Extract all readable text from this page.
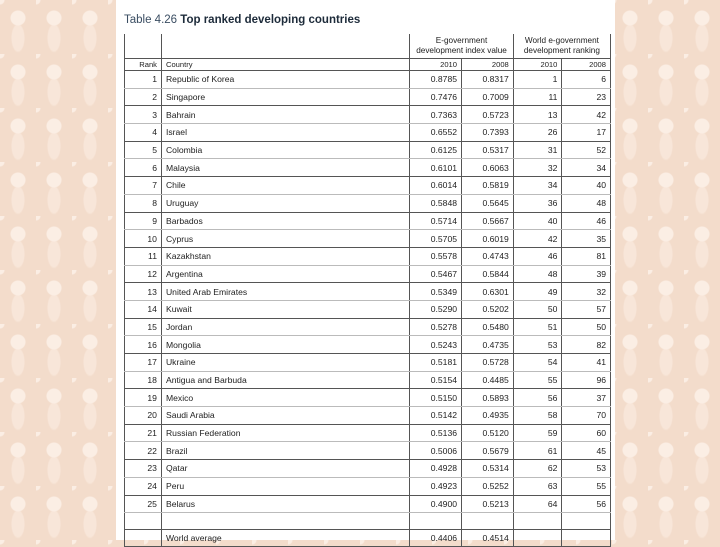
Table 4.26 Top ranked developing countries
		E-government development index value		World e-government development ranking	
Rank	Country	2010	2008	2010	2008
1	Republic of Korea	0.8785	0.8317	1	6
2	Singapore	0.7476	0.7009	11	23
3	Bahrain	0.7363	0.5723	13	42
4	Israel	0.6552	0.7393	26	17
5	Colombia	0.6125	0.5317	31	52
6	Malaysia	0.6101	0.6063	32	34
7	Chile	0.6014	0.5819	34	40
8	Uruguay	0.5848	0.5645	36	48
9	Barbados	0.5714	0.5667	40	46
10	Cyprus	0.5705	0.6019	42	35
11	Kazakhstan	0.5578	0.4743	46	81
12	Argentina	0.5467	0.5844	48	39
13	United Arab Emirates	0.5349	0.6301	49	32
14	Kuwait	0.5290	0.5202	50	57
15	Jordan	0.5278	0.5480	51	50
16	Mongolia	0.5243	0.4735	53	82
17	Ukraine	0.5181	0.5728	54	41
18	Antigua and Barbuda	0.5154	0.4485	55	96
19	Mexico	0.5150	0.5893	56	37
20	Saudi Arabia	0.5142	0.4935	58	70
21	Russian Federation	0.5136	0.5120	59	60
22	Brazil	0.5006	0.5679	61	45
23	Qatar	0.4928	0.5314	62	53
24	Peru	0.4923	0.5252	63	55
25	Belarus	0.4900	0.5213	64	56

	World average	0.4406	0.4514		
